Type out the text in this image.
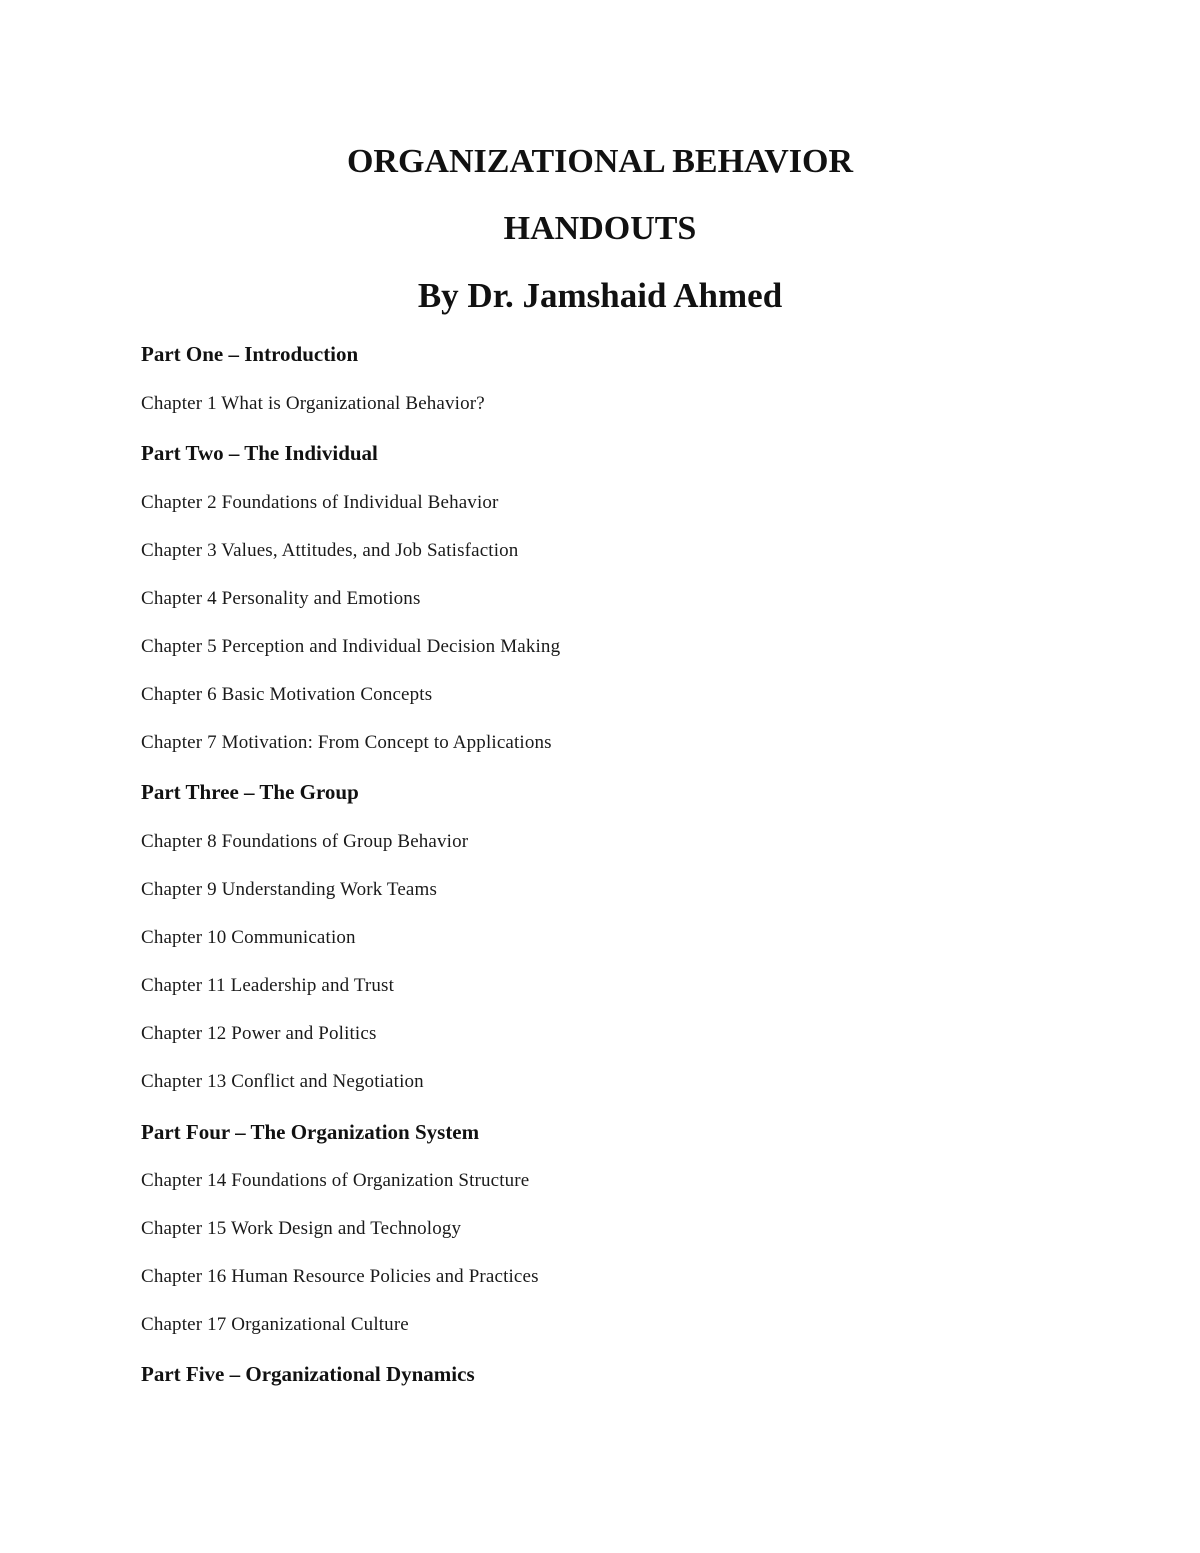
ORGANIZATIONAL BEHAVIOR
HANDOUTS
By Dr. Jamshaid Ahmed

Part One – Introduction

Chapter 1 What is Organizational Behavior?

Part Two – The Individual

Chapter 2 Foundations of Individual Behavior

Chapter 3 Values, Attitudes, and Job Satisfaction

Chapter 4 Personality and Emotions

Chapter 5 Perception and Individual Decision Making

Chapter 6 Basic Motivation Concepts

Chapter 7 Motivation: From Concept to Applications

Part Three – The Group

Chapter 8 Foundations of Group Behavior

Chapter 9 Understanding Work Teams

Chapter 10 Communication

Chapter 11 Leadership and Trust

Chapter 12 Power and Politics

Chapter 13 Conflict and Negotiation

Part Four – The Organization System

Chapter 14 Foundations of Organization Structure

Chapter 15 Work Design and Technology

Chapter 16 Human Resource Policies and Practices

Chapter 17 Organizational Culture

Part Five – Organizational Dynamics
